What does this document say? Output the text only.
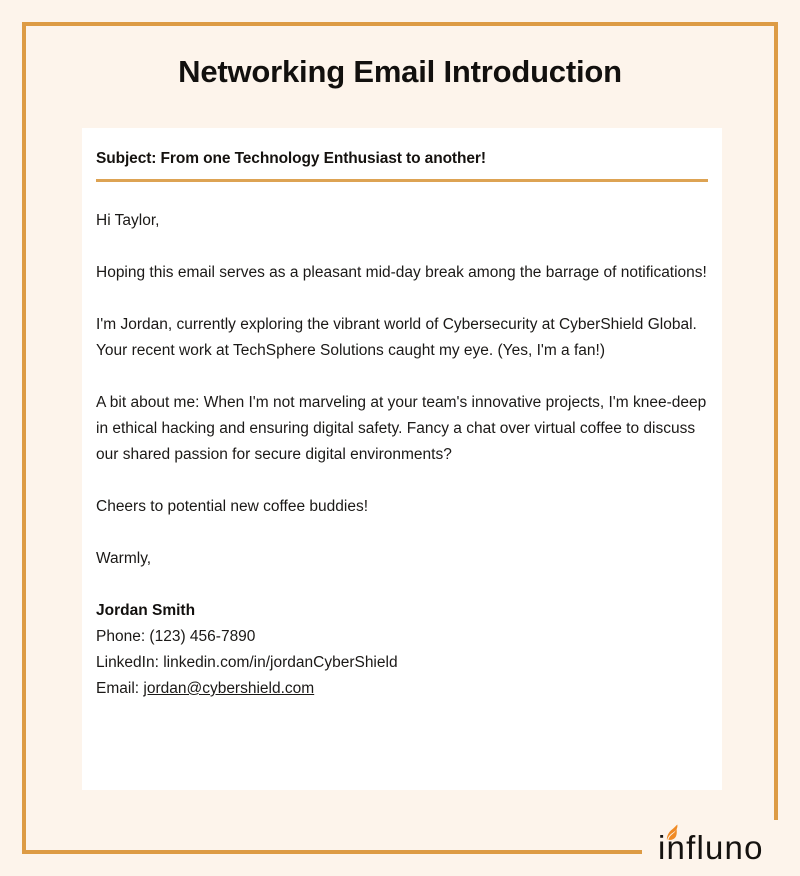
Networking Email Introduction
Subject: From one Technology Enthusiast to another!

Hi Taylor,

Hoping this email serves as a pleasant mid-day break among the barrage of notifications!

I'm Jordan, currently exploring the vibrant world of Cybersecurity at CyberShield Global. Your recent work at TechSphere Solutions caught my eye. (Yes, I'm a fan!)

A bit about me: When I'm not marveling at your team's innovative projects, I'm knee-deep in ethical hacking and ensuring digital safety. Fancy a chat over virtual coffee to discuss our shared passion for secure digital environments?

Cheers to potential new coffee buddies!

Warmly,

Jordan Smith
Phone: (123) 456-7890
LinkedIn: linkedin.com/in/jordanCyberShield
Email: jordan@cybershield.com
influno
